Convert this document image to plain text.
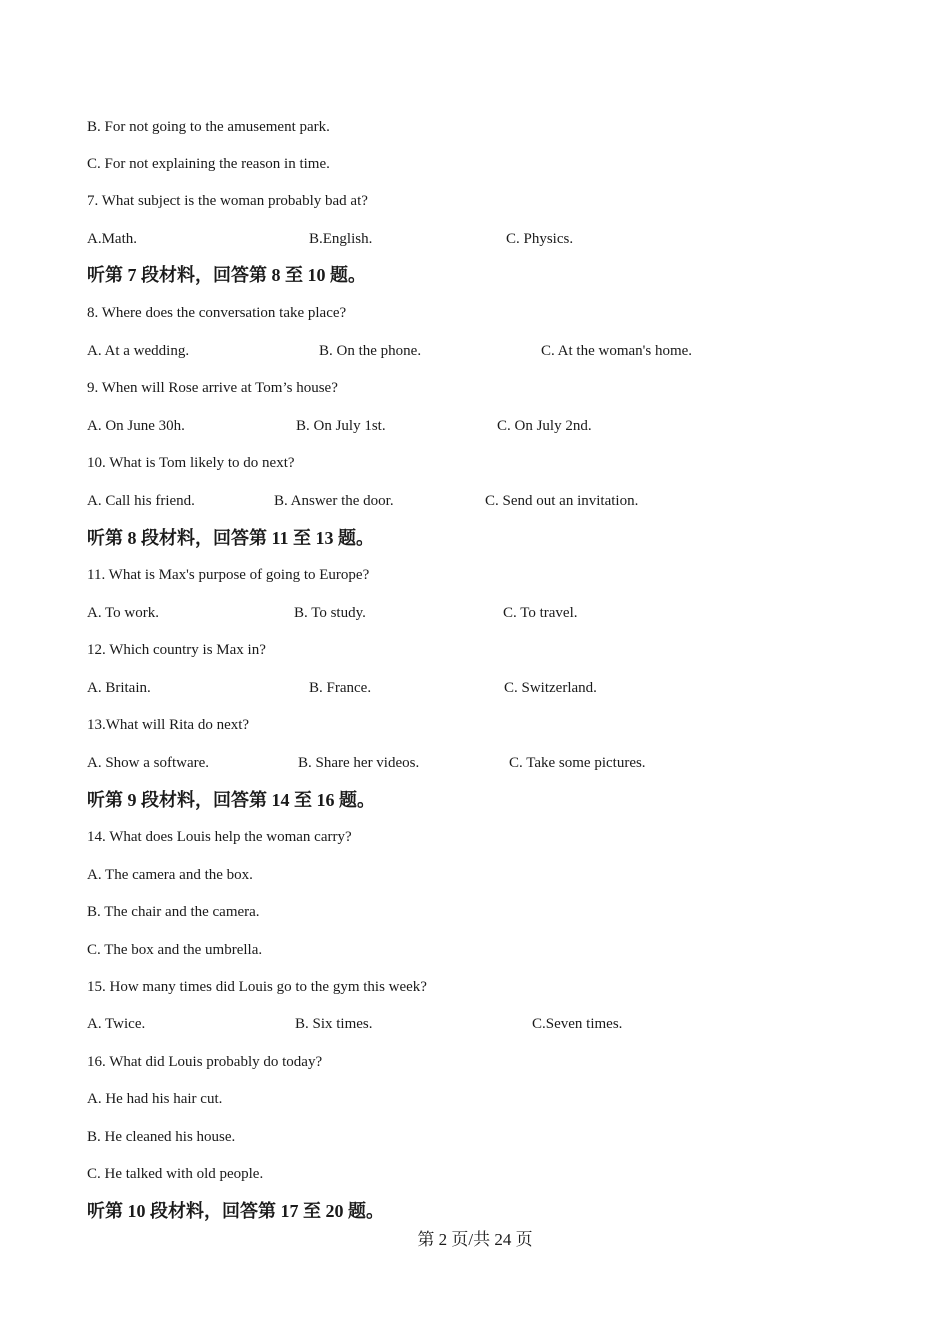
B. For not going to the amusement park.
C. For not explaining the reason in time.
7. What subject is the woman probably bad at?
A.Math.	B.English.	C. Physics.
听第 7 段材料，回答第 8 至 10 题。
8. Where does the conversation take place?
A. At a wedding.	B. On the phone.	C. At the woman's home.
9. When will Rose arrive at Tom’s house?
A. On June 30h.	B. On July 1st.	C. On July 2nd.
10. What is Tom likely to do next?
A. Call his friend.	B. Answer the door.	C. Send out an invitation.
听第 8 段材料，回答第 11 至 13 题。
11. What is Max's purpose of going to Europe?
A. To work.	B. To study.	C. To travel.
12. Which country is Max in?
A. Britain.	B. France.	C. Switzerland.
13.What will Rita do next?
A. Show a software.	B. Share her videos.	C. Take some pictures.
听第 9 段材料，回答第 14 至 16 题。
14. What does Louis help the woman carry?
A. The camera and the box.
B. The chair and the camera.
C. The box and the umbrella.
15. How many times did Louis go to the gym this week?
A. Twice.	B. Six times.	C.Seven times.
16. What did Louis probably do today?
A. He had his hair cut.
B. He cleaned his house.
C. He talked with old people.
听第 10 段材料，回答第 17 至 20 题。
第 2 页/共 24 页
